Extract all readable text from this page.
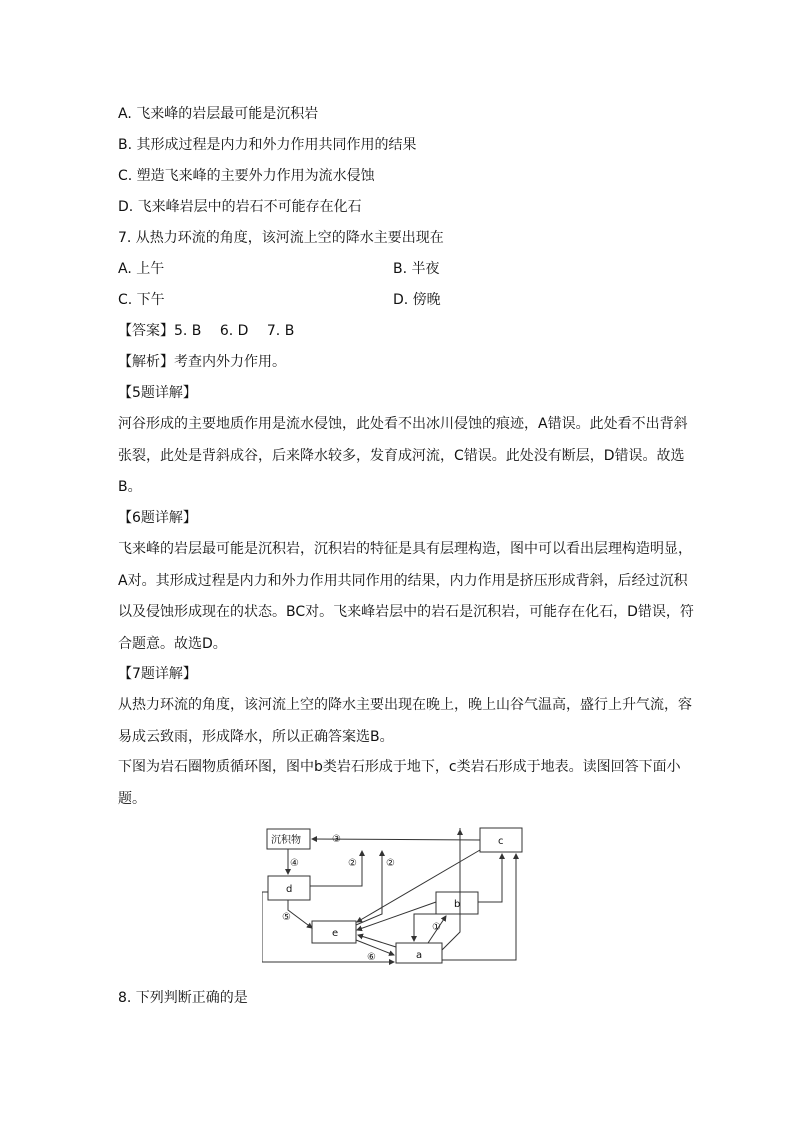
A. 飞来峰的岩层最可能是沉积岩
B. 其形成过程是内力和外力作用共同作用的结果
C. 塑造飞来峰的主要外力作用为流水侵蚀
D. 飞来峰岩层中的岩石不可能存在化石
7. 从热力环流的角度，该河流上空的降水主要出现在
A. 上午	B. 半夜
C. 下午	D. 傍晚
【答案】5. B　 6. D　 7. B
【解析】考查内外力作用。
【5题详解】
河谷形成的主要地质作用是流水侵蚀，此处看不出冰川侵蚀的痕迹，A错误。此处看不出背斜张裂，此处是背斜成谷，后来降水较多，发育成河流，C错误。此处没有断层，D错误。故选B。
【6题详解】
飞来峰的岩层最可能是沉积岩，沉积岩的特征是具有层理构造，图中可以看出层理构造明显，A对。其形成过程是内力和外力作用共同作用的结果，内力作用是挤压形成背斜，后经过沉积以及侵蚀形成现在的状态。BC对。飞来峰岩层中的岩石是沉积岩，可能存在化石，D错误，符合题意。故选D。
【7题详解】
从热力环流的角度，该河流上空的降水主要出现在晚上，晚上山谷气温高，盛行上升气流，容易成云致雨，形成降水，所以正确答案选B。
下图为岩石圈物质循环图，图中b类岩石形成于地下，c类岩石形成于地表。读图回答下面小题。
沉积物	c
d
b
e
a
③
④	②	②
⑤
⑥
①
8. 下列判断正确的是
